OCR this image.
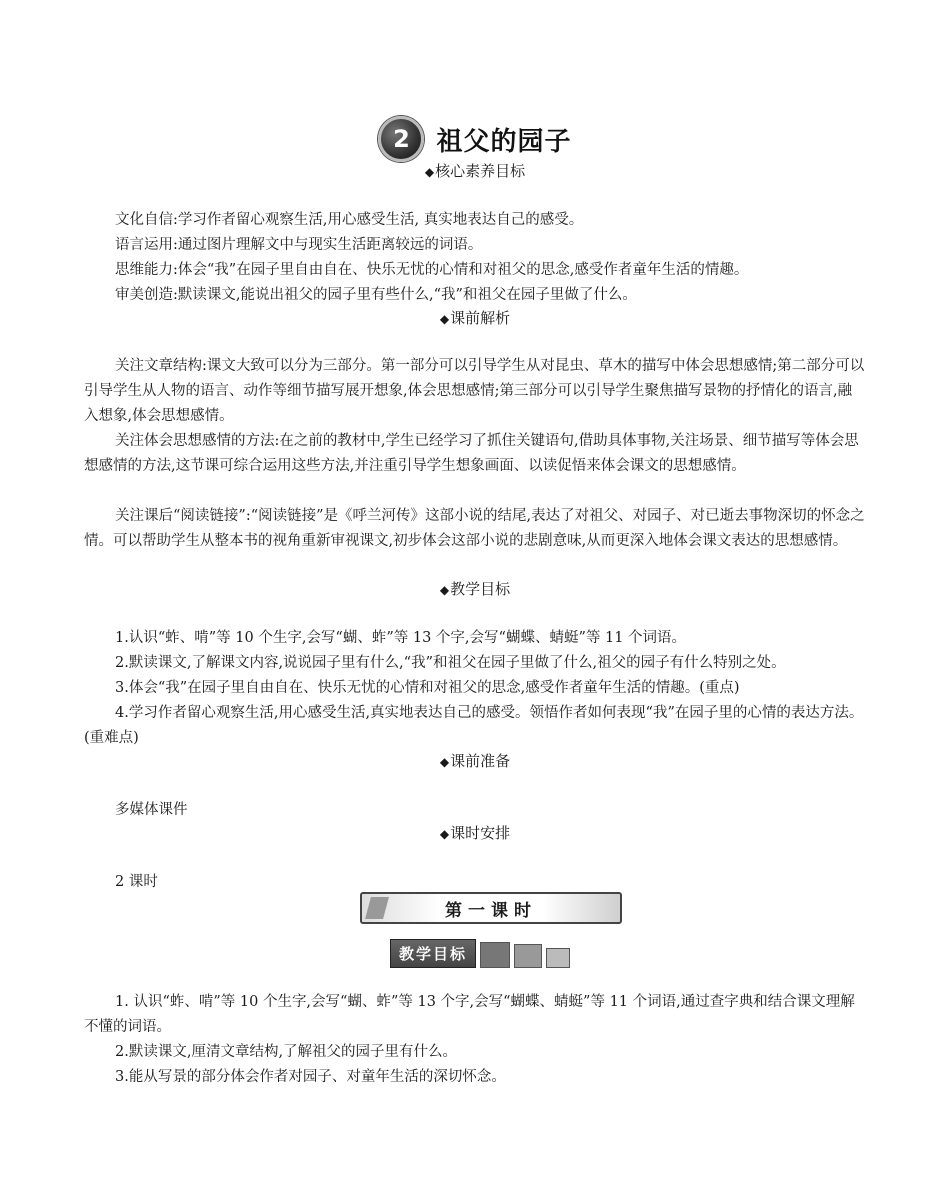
2	祖父的园子
◆核心素养目标
文化自信:学习作者留心观察生活,用心感受生活, 真实地表达自己的感受。
语言运用:通过图片理解文中与现实生活距离较远的词语。
思维能力:体会“我”在园子里自由自在、快乐无忧的心情和对祖父的思念,感受作者童年生活的情趣。
审美创造:默读课文,能说出祖父的园子里有些什么,“我”和祖父在园子里做了什么。
◆课前解析
关注文章结构:课文大致可以分为三部分。第一部分可以引导学生从对昆虫、草木的描写中体会思想感情;第二部分可以引导学生从人物的语言、动作等细节描写展开想象,体会思想感情;第三部分可以引导学生聚焦描写景物的抒情化的语言,融入想象,体会思想感情。
关注体会思想感情的方法:在之前的教材中,学生已经学习了抓住关键语句,借助具体事物,关注场景、细节描写等体会思想感情的方法,这节课可综合运用这些方法,并注重引导学生想象画面、以读促悟来体会课文的思想感情。
关注课后“阅读链接”:“阅读链接”是《呼兰河传》这部小说的结尾,表达了对祖父、对园子、对已逝去事物深切的怀念之情。可以帮助学生从整本书的视角重新审视课文,初步体会这部小说的悲剧意味,从而更深入地体会课文表达的思想感情。
◆教学目标
1.认识“蚱、啃”等 10 个生字,会写“蝴、蚱”等 13 个字,会写“蝴蝶、蜻蜓”等 11 个词语。
2.默读课文,了解课文内容,说说园子里有什么,“我”和祖父在园子里做了什么,祖父的园子有什么特别之处。
3.体会“我”在园子里自由自在、快乐无忧的心情和对祖父的思念,感受作者童年生活的情趣。(重点)
4.学习作者留心观察生活,用心感受生活,真实地表达自己的感受。领悟作者如何表现“我”在园子里的心情的表达方法。(重难点)
◆课前准备
多媒体课件
◆课时安排
2 课时
第一课时
教学目标
1. 认识“蚱、啃”等 10 个生字,会写“蝴、蚱”等 13 个字,会写“蝴蝶、蜻蜓”等 11 个词语,通过查字典和结合课文理解不懂的词语。
2.默读课文,厘清文章结构,了解祖父的园子里有什么。
3.能从写景的部分体会作者对园子、对童年生活的深切怀念。
